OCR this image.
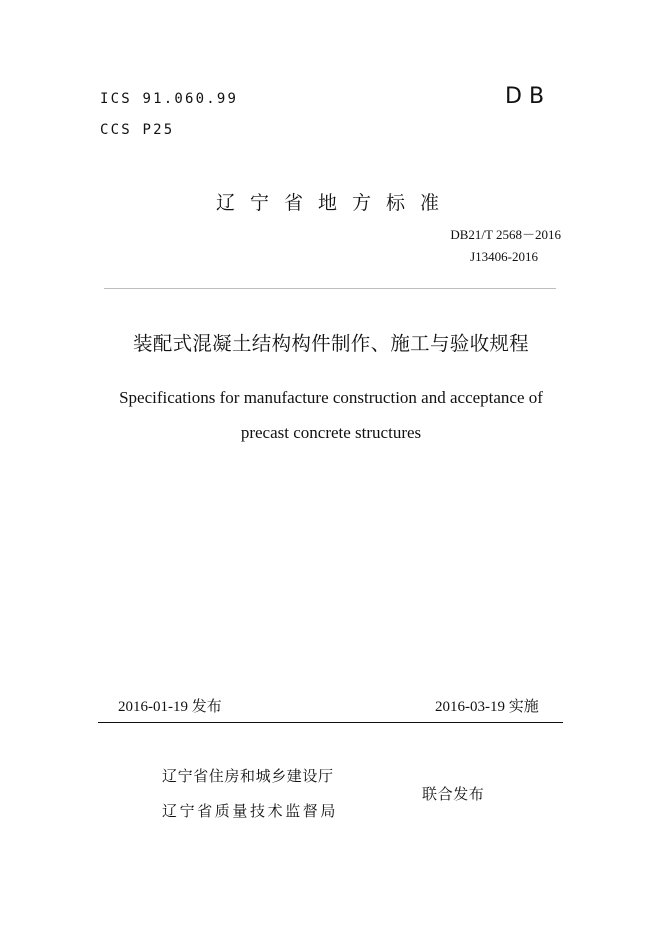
ICS 91.060.99
CCS P25
DB
辽宁省地方标准
DB21/T 2568－2016
J13406-2016
装配式混凝土结构构件制作、施工与验收规程
Specifications for manufacture construction and acceptance of
precast concrete structures
2016-01-19 发布	2016-03-19 实施
辽宁省住房和城乡建设厅
辽宁省质量技术监督局
联合发布
